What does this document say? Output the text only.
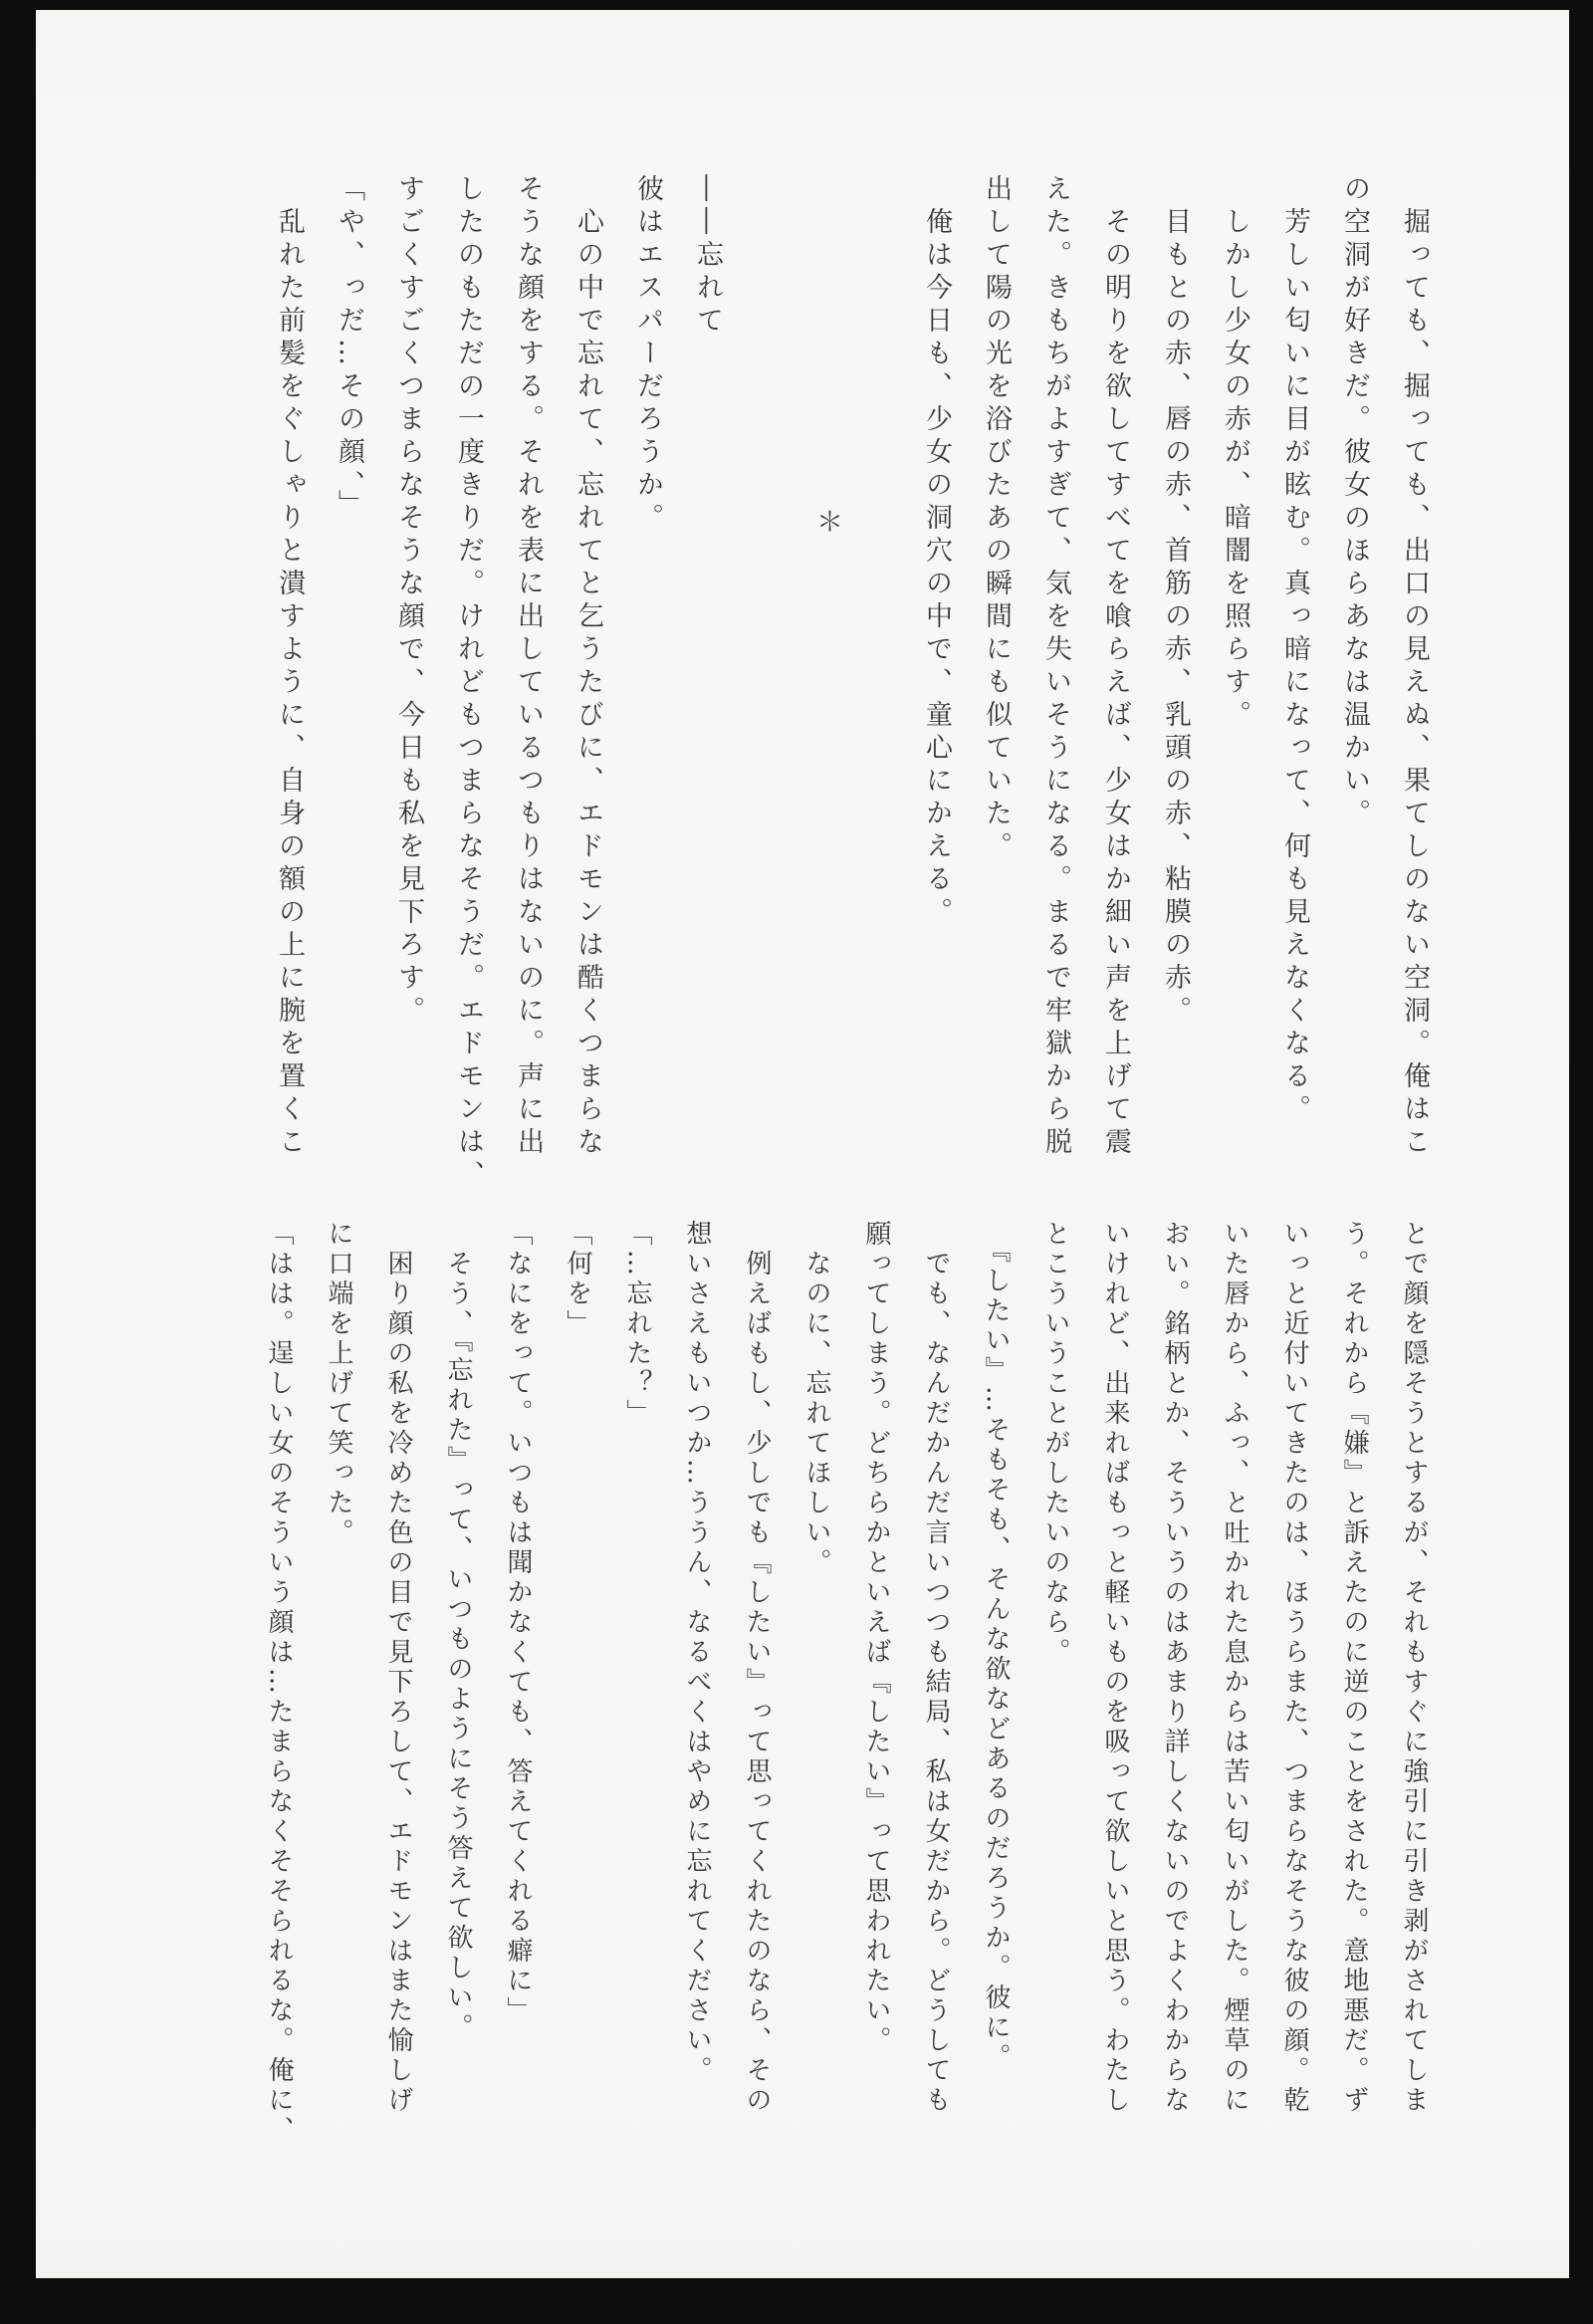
　掘っても、掘っても、出口の見えぬ、果てしのない空洞。俺はこ
の空洞が好きだ。彼女のほらあなは温かい。
　芳しい匂いに目が眩む。真っ暗になって、何も見えなくなる。
　しかし少女の赤が、暗闇を照らす。
　目もとの赤、唇の赤、首筋の赤、乳頭の赤、粘膜の赤。
　その明りを欲してすべてを喰らえば、少女はか細い声を上げて震
えた。きもちがよすぎて、気を失いそうになる。まるで牢獄から脱
出して陽の光を浴びたあの瞬間にも似ていた。
　俺は今日も、少女の洞穴の中で、童心にかえる。
＊
――忘れて
彼はエスパーだろうか。
　心の中で忘れて、忘れてと乞うたびに、エドモンは酷くつまらな
そうな顔をする。それを表に出しているつもりはないのに。声に出
したのもただの一度きりだ。けれどもつまらなそうだ。エドモンは、
すごくすごくつまらなそうな顔で、今日も私を見下ろす。
「や、っだ…その顔、」
　乱れた前髪をぐしゃりと潰すように、自身の額の上に腕を置くこ
とで顔を隠そうとするが、それもすぐに強引に引き剥がされてしま
う。それから『嫌』と訴えたのに逆のことをされた。意地悪だ。ず
いっと近付いてきたのは、ほうらまた、つまらなそうな彼の顔。乾
いた唇から、ふっ、と吐かれた息からは苦い匂いがした。煙草のに
おい。銘柄とか、そういうのはあまり詳しくないのでよくわからな
いけれど、出来ればもっと軽いものを吸って欲しいと思う。わたし
とこういうことがしたいのなら。
　『したい』…そもそも、そんな欲などあるのだろうか。彼に。
　でも、なんだかんだ言いつつも結局、私は女だから。どうしても
願ってしまう。どちらかといえば『したい』って思われたい。
　なのに、忘れてほしい。
　例えばもし、少しでも『したい』って思ってくれたのなら、その
想いさえもいつか…ううん、なるべくはやめに忘れてください。
「…忘れた？」
「何を」
「なにをって。いつもは聞かなくても、答えてくれる癖に」
　そう、『忘れた』って、いつものようにそう答えて欲しい。
　困り顔の私を冷めた色の目で見下ろして、エドモンはまた愉しげ
に口端を上げて笑った。
「はは。逞しい女のそういう顔は…たまらなくそそられるな。俺に、
